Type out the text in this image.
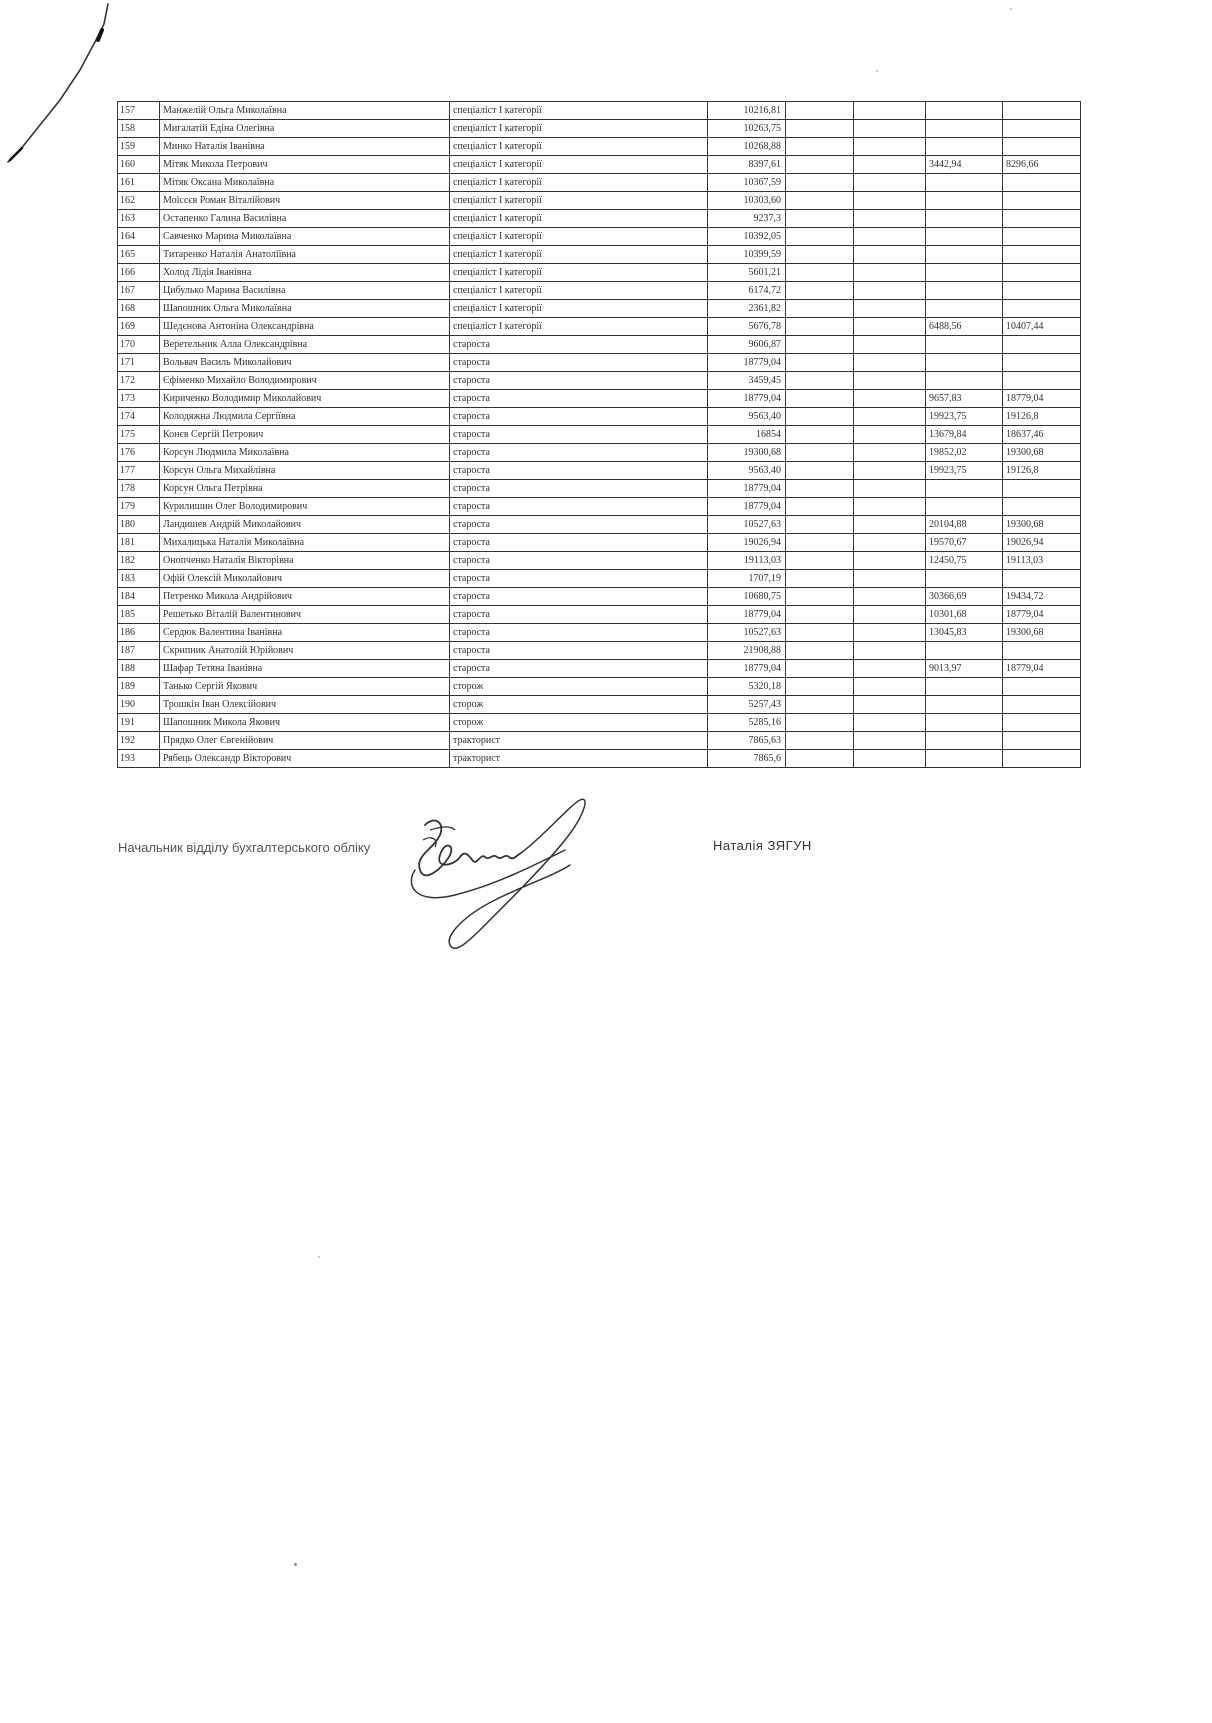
157	Манжелій Ольга Миколаївна	спеціаліст І категорії	10216,81				
158	Мигалатій Едіна Олегівна	спеціаліст І категорії	10263,75				
159	Минко Наталія Іванівна	спеціаліст І категорії	10268,88				
160	Мітяк Микола Петрович	спеціаліст І категорії	8397,61			3442,94	8296,66
161	Мітяк Оксана Миколаївна	спеціаліст І категорії	10367,59				
162	Моіссєв Роман Віталійович	спеціаліст І категорії	10303,60				
163	Остапенко Галина Василівна	спеціаліст І категорії	9237,3				
164	Савченко Марина Миколаївна	спеціаліст І категорії	10392,05				
165	Титаренко Наталія Анатоліївна	спеціаліст І категорії	10399,59				
166	Холод Лідія Іванівна	спеціаліст І категорії	5601,21				
167	Цибулько Марина Василівна	спеціаліст І категорії	6174,72				
168	Шапошник Ольга Миколаївна	спеціаліст І категорії	2361,82				
169	Шедєнова Антоніна Олександрівна	спеціаліст І категорії	5676,78			6488,56	10407,44
170	Веретельник Алла Олександрівна	староста	9606,87				
171	Вольвач Василь Миколайович	староста	18779,04				
172	Єфіменко Михайло Володимирович	староста	3459,45				
173	Кириченко Володимир Миколайович	староста	18779,04			9657,83	18779,04
174	Колодяжна Людмила Сергіївна	староста	9563,40			19923,75	19126,8
175	Конєв Сергій Петрович	староста	16854			13679,84	18637,46
176	Корсун Людмила Миколаївна	староста	19300,68			19852,02	19300,68
177	Корсун Ольга Михайлівна	староста	9563,40			19923,75	19126,8
178	Корсун Ольга Петрівна	староста	18779,04				
179	Курилишин Олег Володимирович	староста	18779,04				
180	Ландишев Андрій Миколайович	староста	10527,63			20104,88	19300,68
181	Михалицька Наталія Миколаївна	староста	19026,94			19570,67	19026,94
182	Онопченко Наталія Вікторівна	староста	19113,03			12450,75	19113,03
183	Офій Олексій Миколайович	староста	1707,19				
184	Петренко Микола Андрійович	староста	10680,75			30366,69	19434,72
185	Решетько Віталій Валентинович	староста	18779,04			10301,68	18779,04
186	Сердюк Валентина Іванівна	староста	10527,63			13045,83	19300,68
187	Скрипник Анатолій Юрійович	староста	21908,88				
188	Шафар Тетяна Іванівна	староста	18779,04			9013,97	18779,04
189	Танько Сергій Якович	сторож	5320,18				
190	Трошкін Іван Олексійович	сторож	5257,43				
191	Шапошник Микола Якович	сторож	5285,16				
192	Прядко Олег Євгенійович	тракторист	7865,63				
193	Рябець Олександр Вікторович	тракторист	7865,6				
Начальник відділу бухгалтерського обліку	Наталія ЗЯГУН
